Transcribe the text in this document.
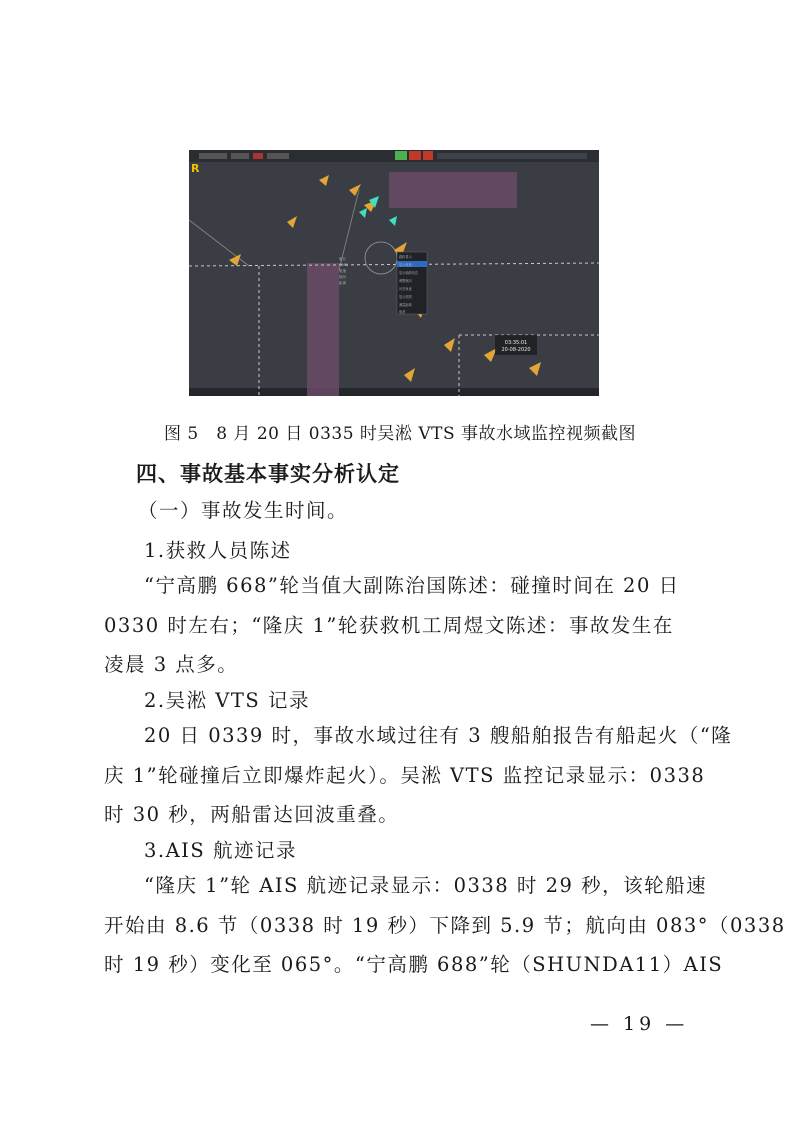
R
跟踪显示
显示航迹
显示船舶信息
调整航向
历史轨迹
显示范围
测量距离
取消
船名
MMSI
航速
航向
距离
03:35:01
20-08-2020
图 5　8 月 20 日 0335 时吴淞 VTS 事故水域监控视频截图
四、事故基本事实分析认定
（一）事故发生时间。
1.获救人员陈述
“宁高鹏 668”轮当值大副陈治国陈述：碰撞时间在 20 日
0330 时左右；“隆庆 1”轮获救机工周煜文陈述：事故发生在
凌晨 3 点多。
2.吴淞 VTS 记录
20 日 0339 时，事故水域过往有 3 艘船舶报告有船起火（“隆
庆 1”轮碰撞后立即爆炸起火）。吴淞 VTS 监控记录显示：0338
时 30 秒，两船雷达回波重叠。
3.AIS 航迹记录
“隆庆 1”轮 AIS 航迹记录显示：0338 时 29 秒，该轮船速
开始由 8.6 节（0338 时 19 秒）下降到 5.9 节；航向由 083°（0338
时 19 秒）变化至 065°。“宁高鹏 688”轮（SHUNDA11）AIS
— 19 —
